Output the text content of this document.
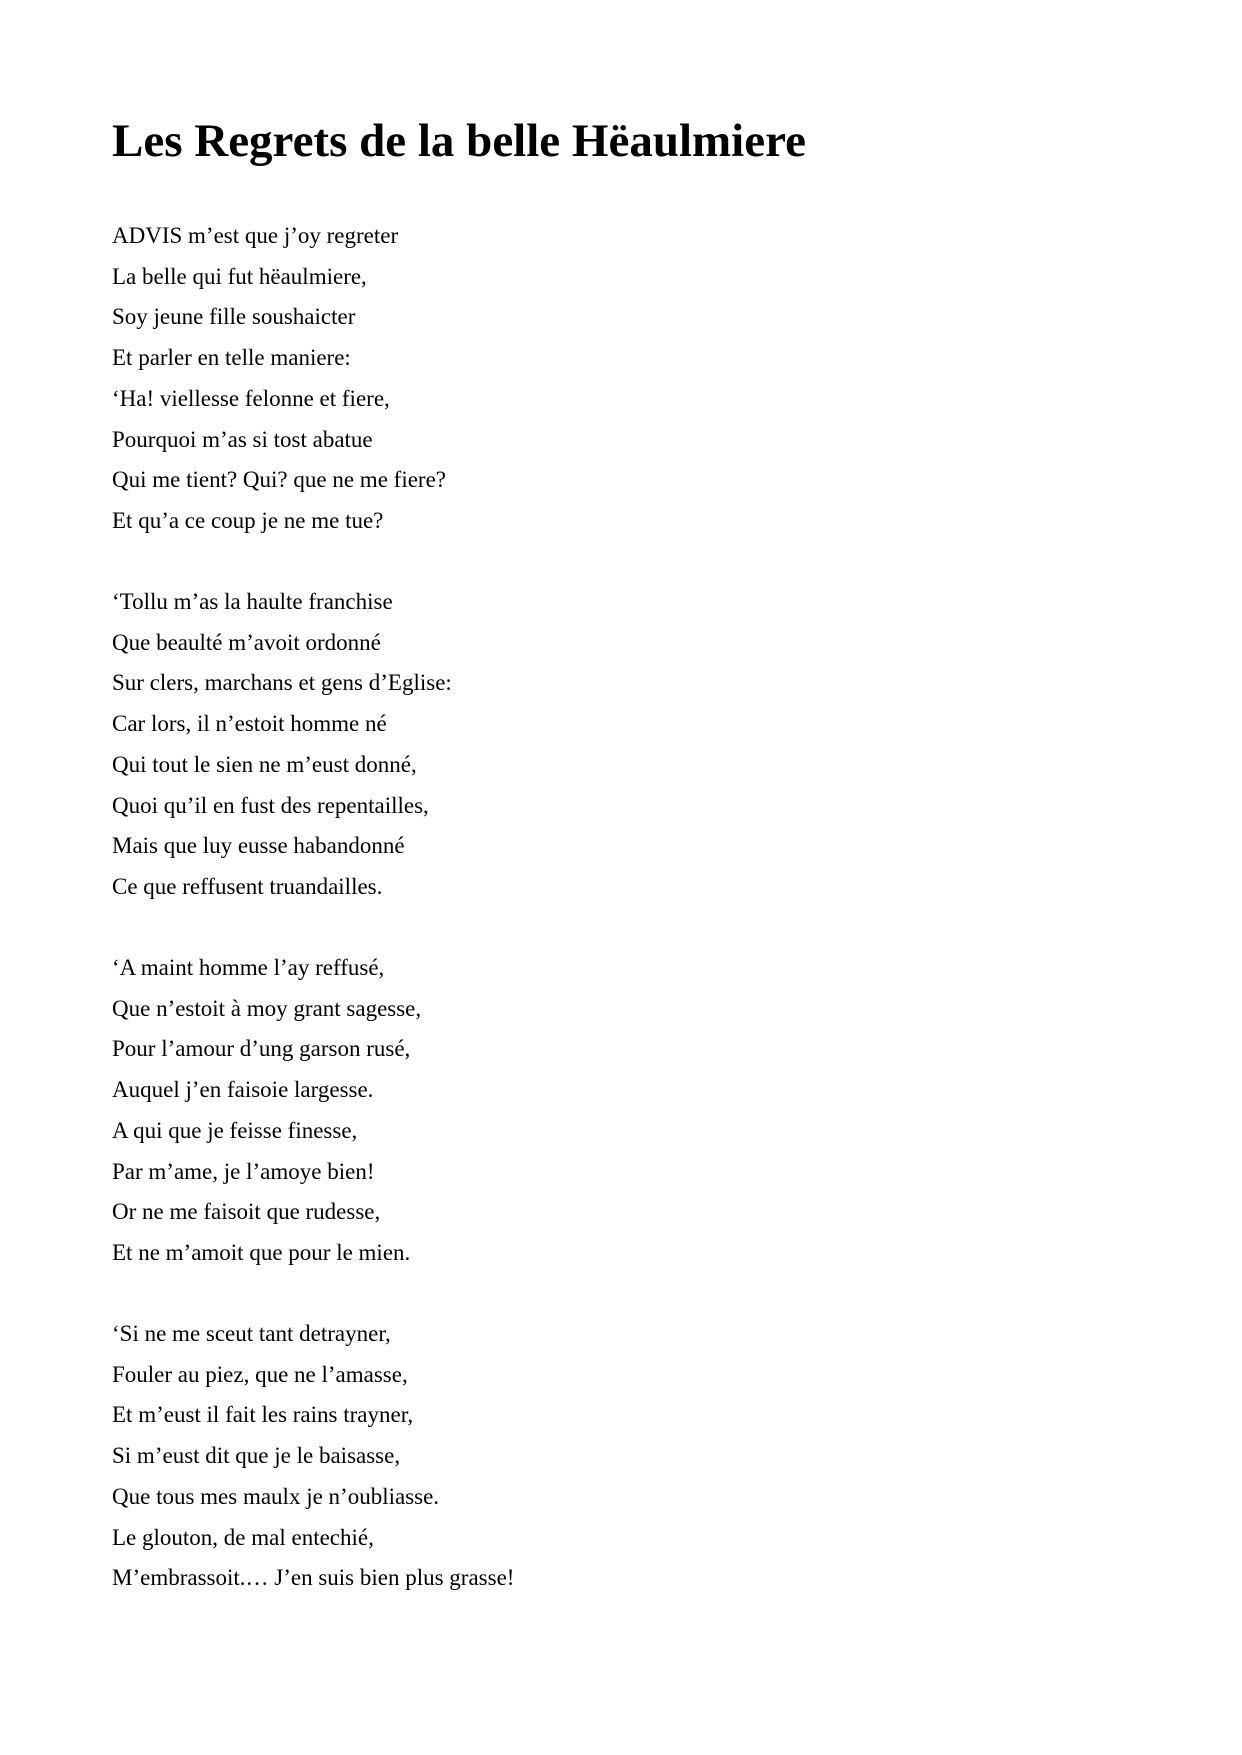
Les Regrets de la belle Hëaulmiere
ADVIS m’est que j’oy regreter
La belle qui fut hëaulmiere,
Soy jeune fille soushaicter
Et parler en telle maniere:
‘Ha! viellesse felonne et fiere,
Pourquoi m’as si tost abatue
Qui me tient? Qui? que ne me fiere?
Et qu’a ce coup je ne me tue?
‘Tollu m’as la haulte franchise
Que beaulté m’avoit ordonné
Sur clers, marchans et gens d’Eglise:
Car lors, il n’estoit homme né
Qui tout le sien ne m’eust donné,
Quoi qu’il en fust des repentailles,
Mais que luy eusse habandonné
Ce que reffusent truandailles.
‘A maint homme l’ay reffusé,
Que n’estoit à moy grant sagesse,
Pour l’amour d’ung garson rusé,
Auquel j’en faisoie largesse.
A qui que je feisse finesse,
Par m’ame, je l’amoye bien!
Or ne me faisoit que rudesse,
Et ne m’amoit que pour le mien.
‘Si ne me sceut tant detrayner,
Fouler au piez, que ne l’amasse,
Et m’eust il fait les rains trayner,
Si m’eust dit que je le baisasse,
Que tous mes maulx je n’oubliasse.
Le glouton, de mal entechié,
M’embrassoit.… J’en suis bien plus grasse!
